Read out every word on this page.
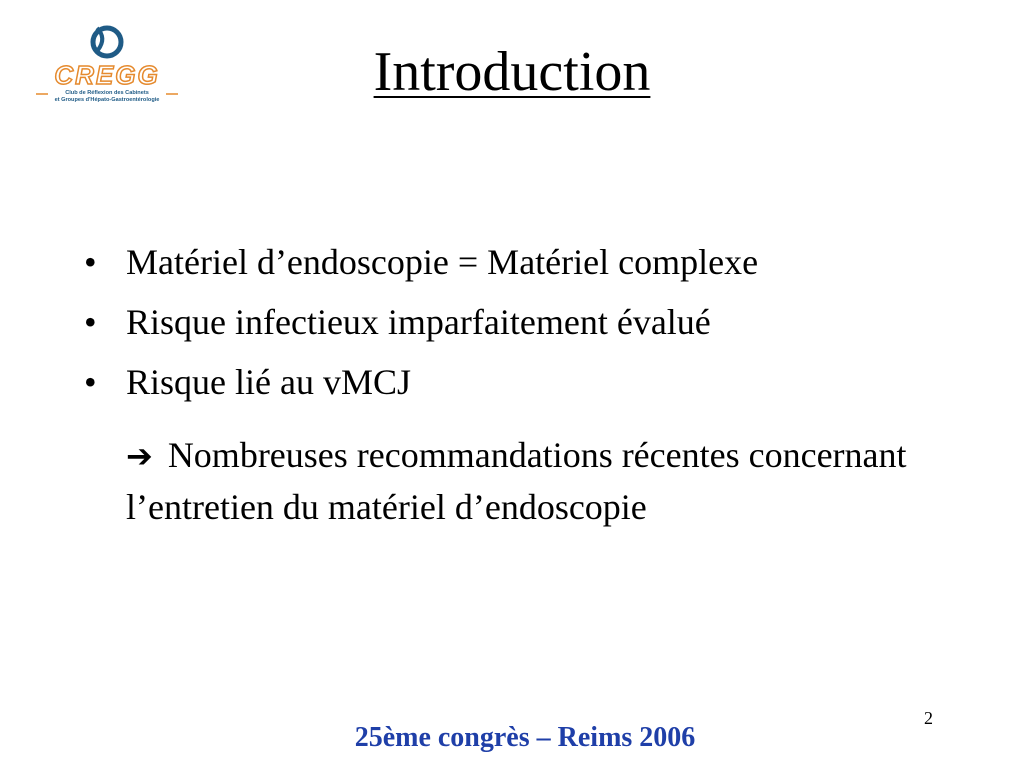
CREGG
Club de Réflexion des Cabinets
et Groupes d'Hépato-Gastroentérologie	Introduction
• Matériel d’endoscopie = Matériel complexe
• Risque infectieux imparfaitement évalué
• Risque lié au vMCJ
➔ Nombreuses recommandations récentes concernant l’entretien du matériel d’endoscopie
2
25ème congrès – Reims 2006
